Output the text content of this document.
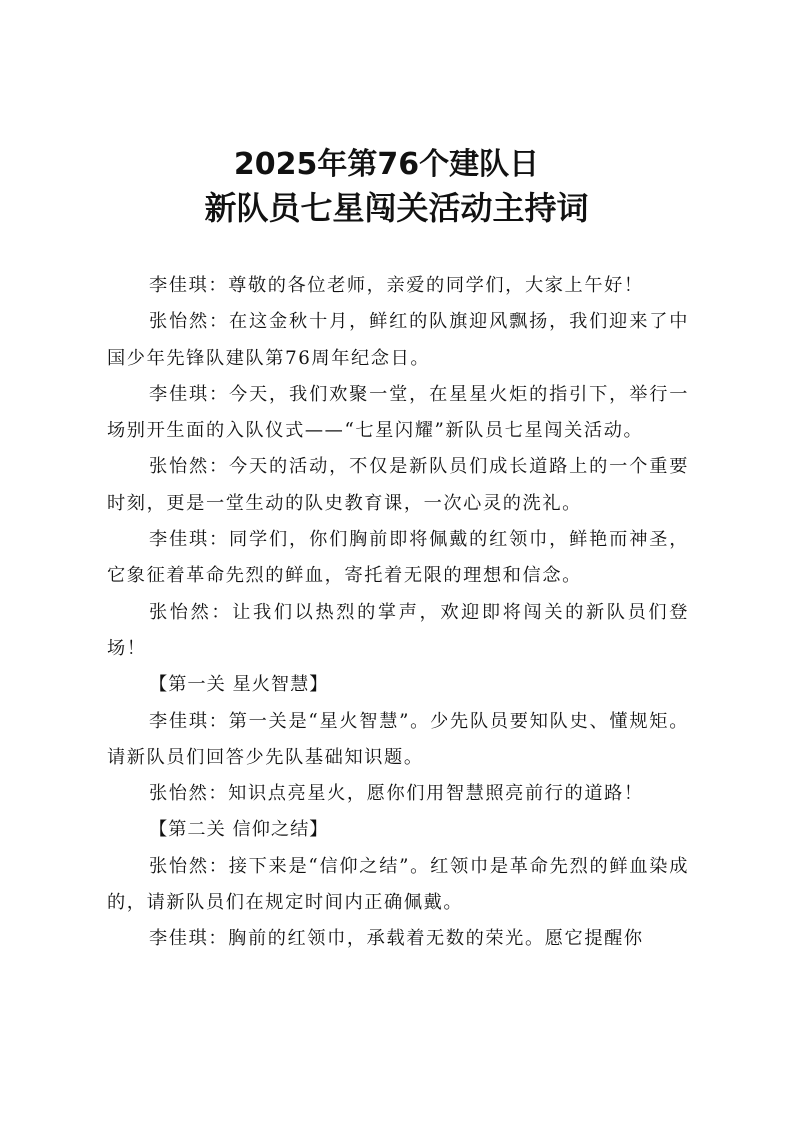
2025年第76个建队日
新队员七星闯关活动主持词

李佳琪：尊敬的各位老师，亲爱的同学们，大家上午好！

张怡然：在这金秋十月，鲜红的队旗迎风飘扬，我们迎来了中国少年先锋队建队第76周年纪念日。

李佳琪：今天，我们欢聚一堂，在星星火炬的指引下，举行一场别开生面的入队仪式——“七星闪耀”新队员七星闯关活动。

张怡然：今天的活动，不仅是新队员们成长道路上的一个重要时刻，更是一堂生动的队史教育课，一次心灵的洗礼。

李佳琪：同学们，你们胸前即将佩戴的红领巾，鲜艳而神圣，它象征着革命先烈的鲜血，寄托着无限的理想和信念。

张怡然：让我们以热烈的掌声，欢迎即将闯关的新队员们登场！

【第一关 星火智慧】

李佳琪：第一关是“星火智慧”。少先队员要知队史、懂规矩。请新队员们回答少先队基础知识题。

张怡然：知识点亮星火，愿你们用智慧照亮前行的道路！

【第二关 信仰之结】

张怡然：接下来是“信仰之结”。红领巾是革命先烈的鲜血染成的，请新队员们在规定时间内正确佩戴。

李佳琪：胸前的红领巾，承载着无数的荣光。愿它提醒你
